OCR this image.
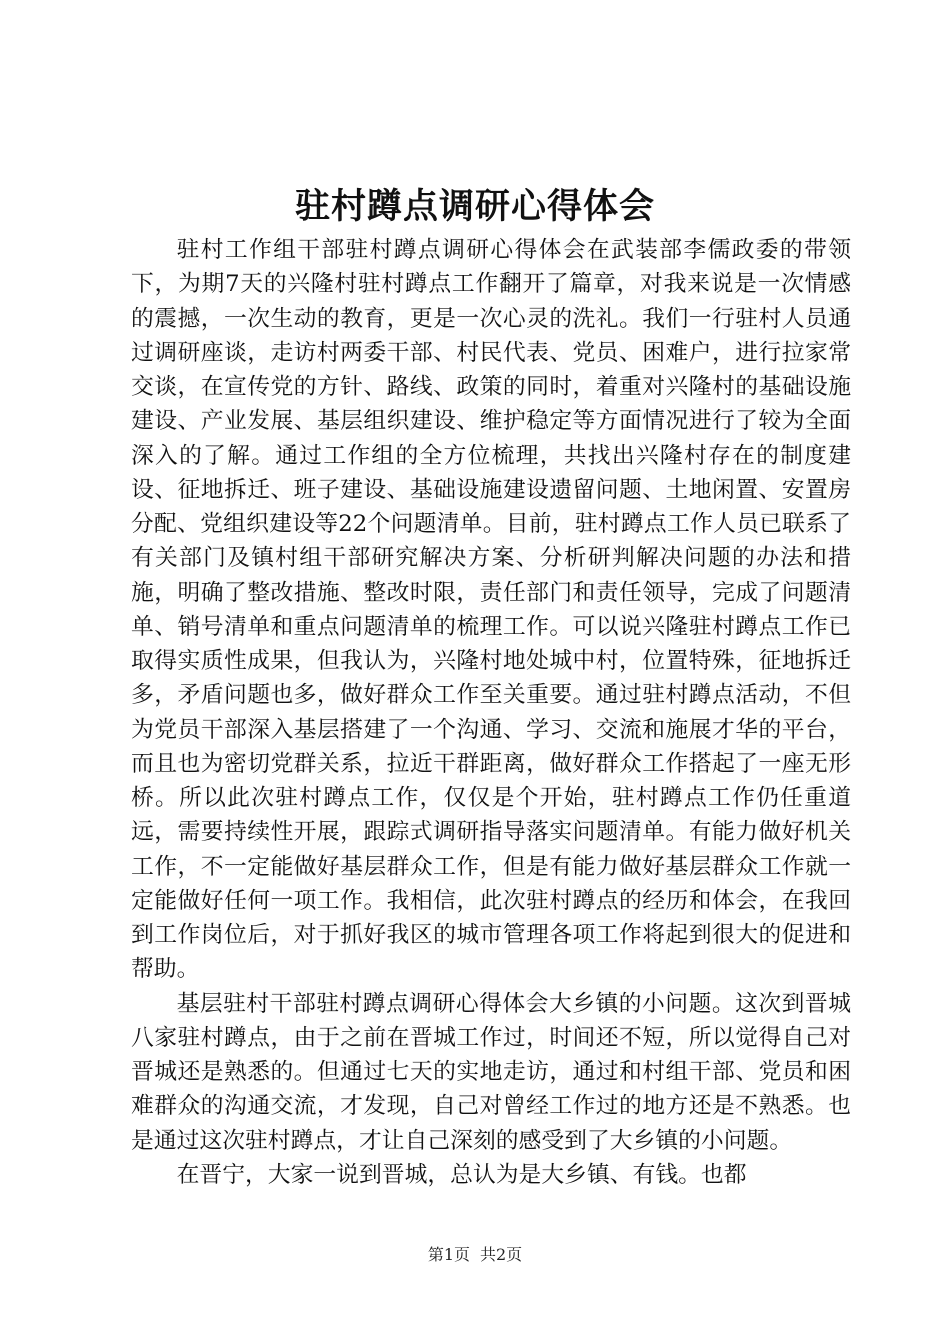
驻村蹲点调研心得体会

驻村工作组干部驻村蹲点调研心得体会在武装部李儒政委的带领下，为期7天的兴隆村驻村蹲点工作翻开了篇章，对我来说是一次情感的震撼，一次生动的教育，更是一次心灵的洗礼。我们一行驻村人员通过调研座谈，走访村两委干部、村民代表、党员、困难户，进行拉家常交谈，在宣传党的方针、路线、政策的同时，着重对兴隆村的基础设施建设、产业发展、基层组织建设、维护稳定等方面情况进行了较为全面深入的了解。通过工作组的全方位梳理，共找出兴隆村存在的制度建设、征地拆迁、班子建设、基础设施建设遗留问题、土地闲置、安置房分配、党组织建设等22个问题清单。目前，驻村蹲点工作人员已联系了有关部门及镇村组干部研究解决方案、分析研判解决问题的办法和措施，明确了整改措施、整改时限，责任部门和责任领导，完成了问题清单、销号清单和重点问题清单的梳理工作。可以说兴隆驻村蹲点工作已取得实质性成果，但我认为，兴隆村地处城中村，位置特殊，征地拆迁多，矛盾问题也多，做好群众工作至关重要。通过驻村蹲点活动，不但为党员干部深入基层搭建了一个沟通、学习、交流和施展才华的平台，而且也为密切党群关系，拉近干群距离，做好群众工作搭起了一座无形桥。所以此次驻村蹲点工作，仅仅是个开始，驻村蹲点工作仍任重道远，需要持续性开展，跟踪式调研指导落实问题清单。有能力做好机关工作，不一定能做好基层群众工作，但是有能力做好基层群众工作就一定能做好任何一项工作。我相信，此次驻村蹲点的经历和体会，在我回到工作岗位后，对于抓好我区的城市管理各项工作将起到很大的促进和帮助。

基层驻村干部驻村蹲点调研心得体会大乡镇的小问题。这次到晋城八家驻村蹲点，由于之前在晋城工作过，时间还不短，所以觉得自己对晋城还是熟悉的。但通过七天的实地走访，通过和村组干部、党员和困难群众的沟通交流，才发现，自己对曾经工作过的地方还是不熟悉。也是通过这次驻村蹲点，才让自己深刻的感受到了大乡镇的小问题。

在晋宁，大家一说到晋城，总认为是大乡镇、有钱。也都

第1页 共2页
